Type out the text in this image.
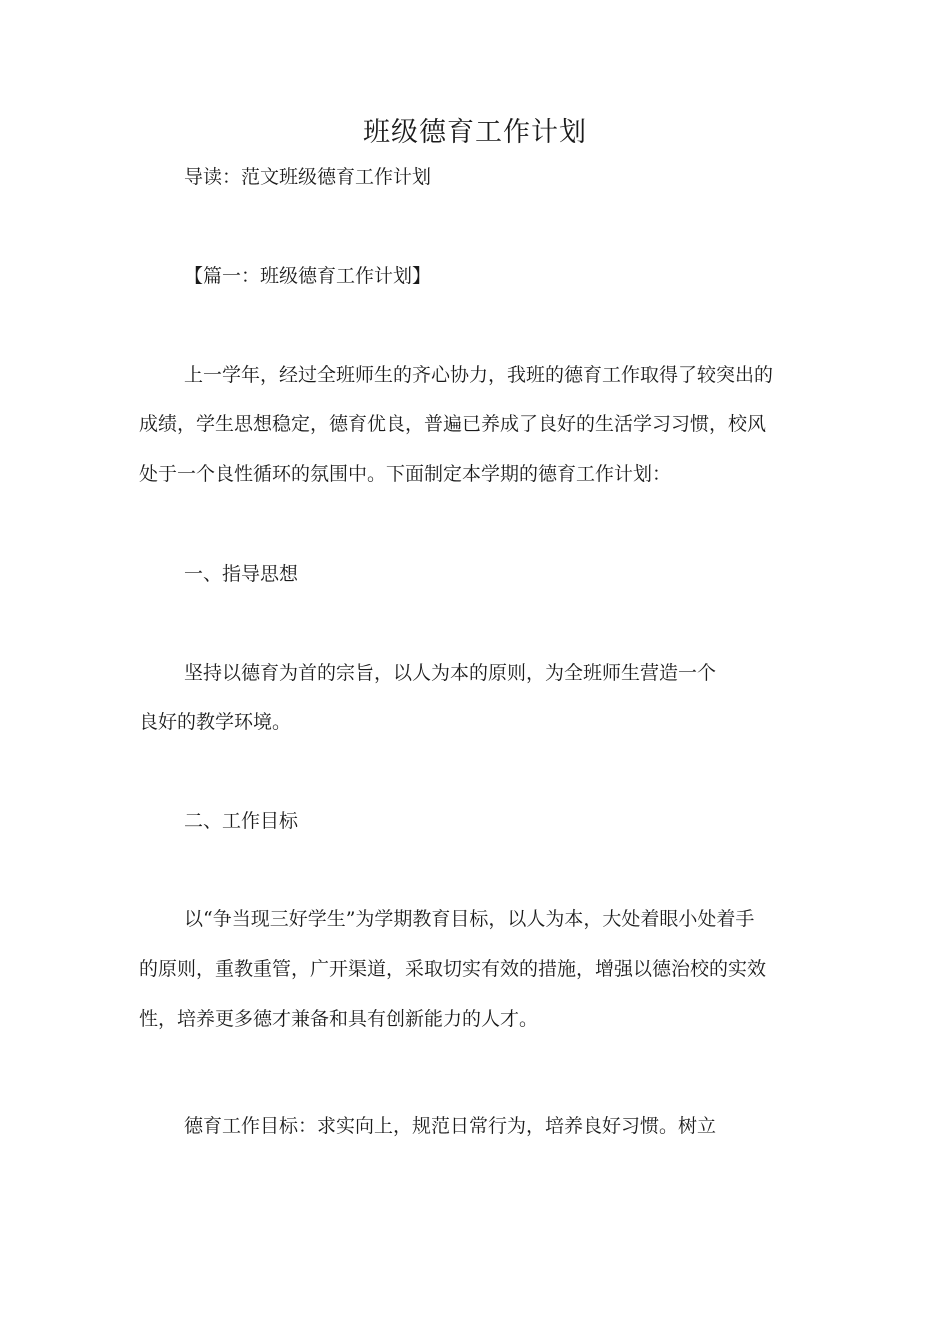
班级德育工作计划

导读：范文班级德育工作计划

【篇一：班级德育工作计划】

上一学年，经过全班师生的齐心协力，我班的德育工作取得了较突出的

成绩，学生思想稳定，德育优良，普遍已养成了良好的生活学习习惯，校风

处于一个良性循环的氛围中。下面制定本学期的德育工作计划：

一、指导思想

坚持以德育为首的宗旨，以人为本的原则，为全班师生营造一个

良好的教学环境。

二、工作目标

以“争当现三好学生”为学期教育目标，以人为本，大处着眼小处着手

的原则，重教重管，广开渠道，采取切实有效的措施，增强以德治校的实效

性，培养更多德才兼备和具有创新能力的人才。

德育工作目标：求实向上，规范日常行为，培养良好习惯。树立
